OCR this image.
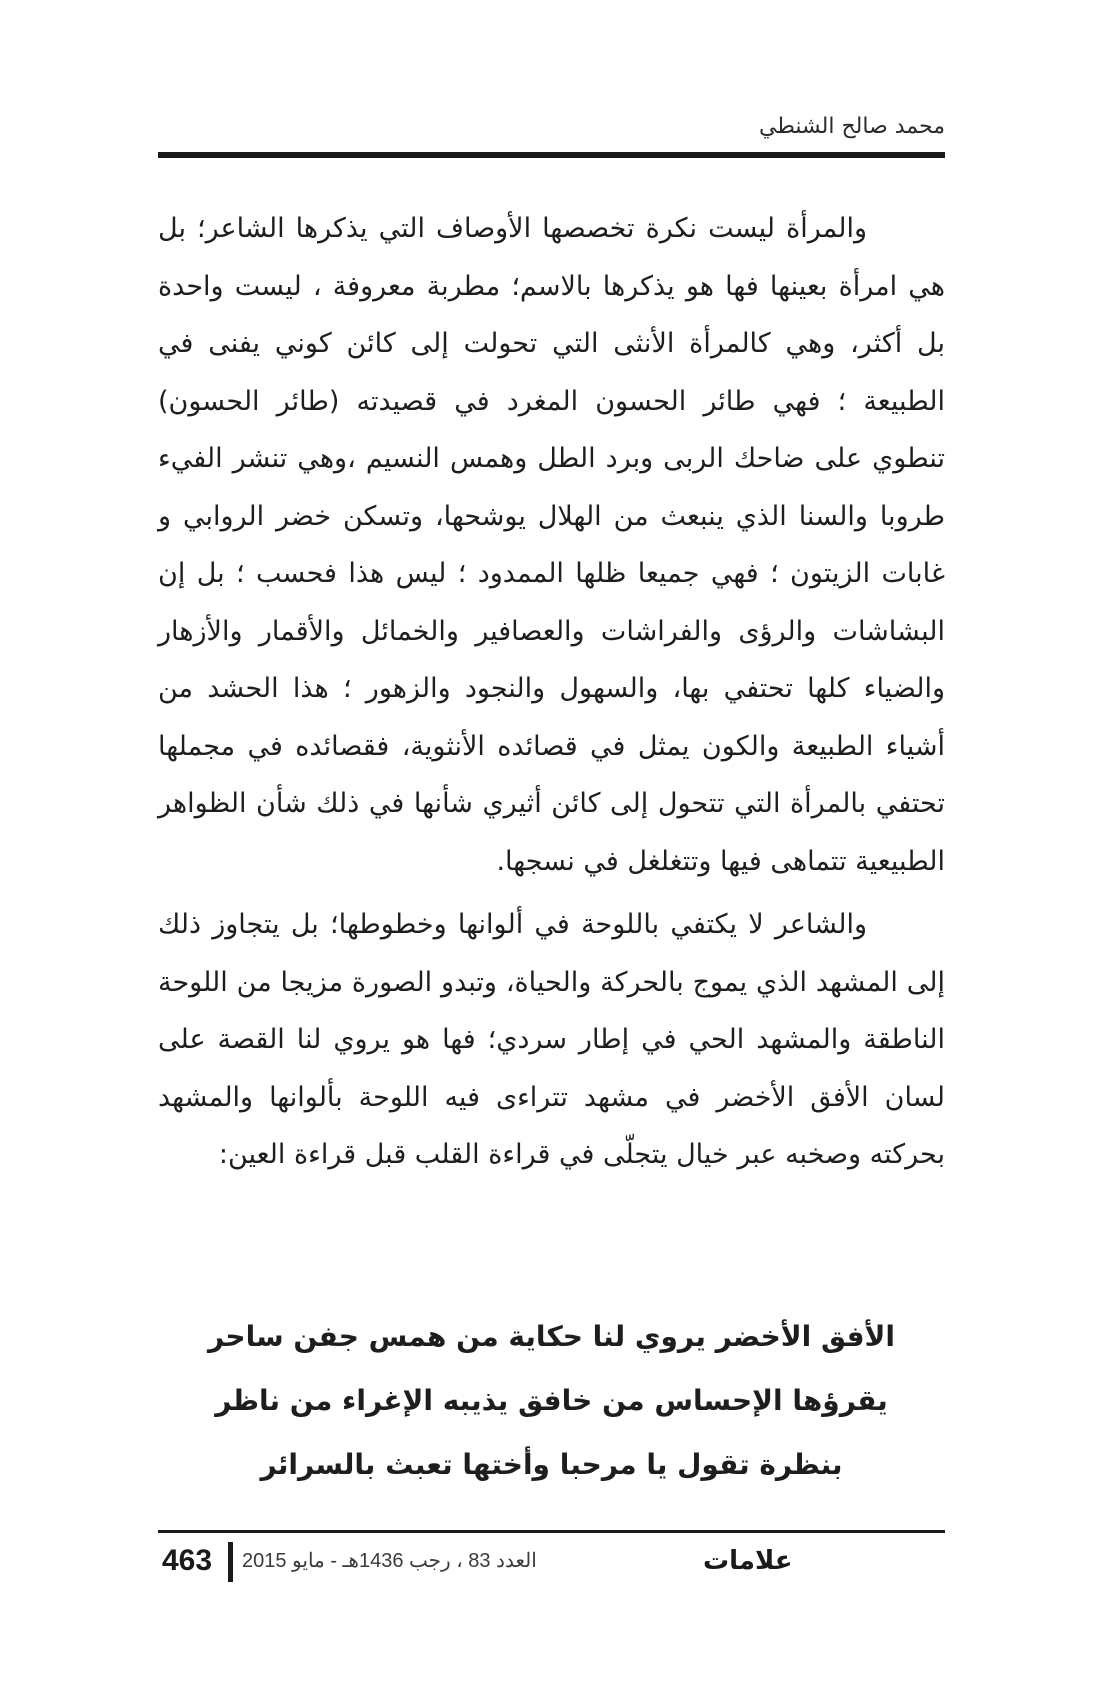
محمد صالح الشنطي

والمرأة ليست نكرة تخصصها الأوصاف التي يذكرها الشاعر؛ بل هي امرأة بعينها فها هو يذكرها بالاسم؛ مطربة معروفة ، ليست واحدة بل أكثر، وهي كالمرأة الأنثى التي تحولت إلى كائن كوني يفنى في الطبيعة ؛ فهي طائر الحسون المغرد في قصيدته (طائر الحسون) تنطوي على ضاحك الربى وبرد الطل وهمس النسيم ،وهي تنشر الفيء طروبا والسنا الذي ينبعث من الهلال يوشحها، وتسكن خضر الروابي و غابات الزيتون ؛ فهي جميعا ظلها الممدود ؛ ليس هذا فحسب ؛ بل إن البشاشات والرؤى والفراشات والعصافير والخمائل والأقمار والأزهار والضياء كلها تحتفي بها، والسهول والنجود والزهور ؛ هذا الحشد من أشياء الطبيعة والكون يمثل في قصائده الأنثوية، فقصائده في مجملها تحتفي بالمرأة التي تتحول إلى كائن أثيري شأنها في ذلك شأن الظواهر الطبيعية تتماهى فيها وتتغلغل في نسجها.

والشاعر لا يكتفي باللوحة في ألوانها وخطوطها؛ بل يتجاوز ذلك إلى المشهد الذي يموج بالحركة والحياة، وتبدو الصورة مزيجا من اللوحة الناطقة والمشهد الحي في إطار سردي؛ فها هو يروي لنا القصة على لسان الأفق الأخضر في مشهد تتراءى فيه اللوحة بألوانها والمشهد بحركته وصخبه عبر خيال يتجلّى في قراءة القلب قبل قراءة العين:

الأفق الأخضر يروي لنا حكاية من همس جفن ساحر
يقرؤها الإحساس من خافق يذيبه الإغراء من ناظر
بنظرة تقول يا مرحبا وأختها تعبث بالسرائر
463 العدد 83 ، رجب 1436هـ - مايو 2015	علامات
